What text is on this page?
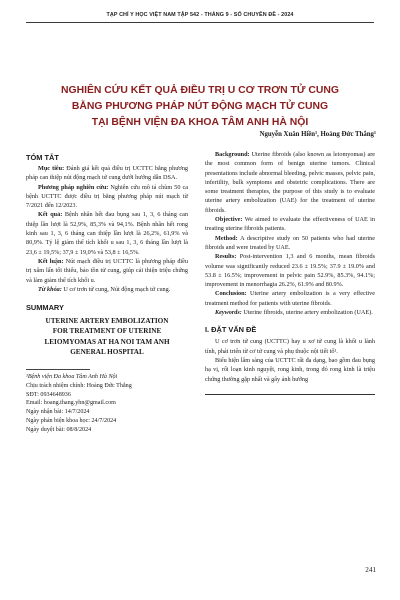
TẠP CHÍ Y HỌC VIỆT NAM TẬP 542 - THÁNG 9 - SỐ CHUYÊN ĐỀ - 2024
NGHIÊN CỨU KẾT QUẢ ĐIỀU TRỊ U CƠ TRƠN TỬ CUNG
BẰNG PHƯƠNG PHÁP NÚT ĐỘNG MẠCH TỬ CUNG
TẠI BỆNH VIỆN ĐA KHOA TÂM ANH HÀ NỘI
Nguyễn Xuân Hiền¹, Hoàng Đức Thắng¹
TÓM TẮT

Mục tiêu: Đánh giá kết quả điều trị UCTTC bằng phương pháp can thiệp nút động mạch tử cung dưới hướng dẫn DSA.

Phương pháp nghiên cứu: Nghiên cứu mô tả chùm 50 ca bệnh UCTTC được điều trị bằng phương pháp nút mạch từ 7/2021 đến 12/2023.

Kết quả: Bệnh nhân hết đau bụng sau 1, 3, 6 tháng can thiệp lần lượt là 52,9%, 85,3% và 94,1%. Bệnh nhân hết rong kinh sau 1, 3, 6 tháng can thiệp lần lượt là 26,2%, 61,9% và 80,9%. Tỷ lệ giảm thể tích khối u sau 1, 3, 6 tháng lần lượt là 23,6 ± 19,5%; 37,9 ± 19,0% và 53,8 ± 16,5%.

Kết luận: Nút mạch điều trị UCTTC là phương pháp điều trị xâm lấn tối thiểu, bảo tồn tử cung, giúp cải thiện triệu chứng và làm giảm thể tích khối u.

Từ khóa: U cơ trơn tử cung, Nút động mạch tử cung.

SUMMARY
UTERINE ARTERY EMBOLIZATION
FOR TREATMENT OF UTERINE
LEIOMYOMAS AT HA NOI TAM ANH
GENERAL HOSPITAL
¹Bệnh viện Đa khoa Tâm Anh Hà Nội
Chịu trách nhiệm chính: Hoàng Đức Thắng
SĐT: 0934648936
Email: hoang.thang.yhn@gmail.com
Ngày nhận bài: 14/7/2024
Ngày phản biện khoa học: 24/7/2024
Ngày duyệt bài: 08/8/2024

Background: Uterine fibroids (also known as leiomyomas) are the most common form of benign uterine tumors. Clinical presentations include abnormal bleeding, pelvic masses, pelvic pain, infertility, bulk symptoms and obstetric complications. There are some treatment therapies, the purpose of this study is to evaluate uterine artery embolization (UAE) for the treatment of uterine fibroids.

Objective: We aimed to evaluate the effectiveness of UAE in treating uterine fibroids patients.

Method: A descriptive study on 50 patients who had uterine fibroids and were treated by UAE.

Results: Post-intervention 1,3 and 6 months, mean fibroids volume was significantly reduced 23.6 ± 19.5%; 37.9 ± 19.0% and 53.8 ± 16.5%; improvement in pelvic pain 52.9%, 85.3%, 94.1%; improvement in menorrhagia 26.2%, 61.9% and 80.9%.

Conclusion: Uterine artery embolization is a very effective treatment method for patients with uterine fibroids.

Keywords: Uterine fibroids, uterine artery embolization (UAE).

I. ĐẶT VẤN ĐỀ

U cơ trơn tử cung (UCTTC) hay u xơ tử cung là khối u lành tính, phát triển từ cơ tử cung và phụ thuộc nội tiết tố¹.

Biểu hiện lâm sàng của UCTTC rất đa dạng, bao gồm đau bụng hạ vị, rối loạn kinh nguyệt, rong kinh, trong đó rong kinh là triệu chứng thường gặp nhất và gây ảnh hưởng

241
